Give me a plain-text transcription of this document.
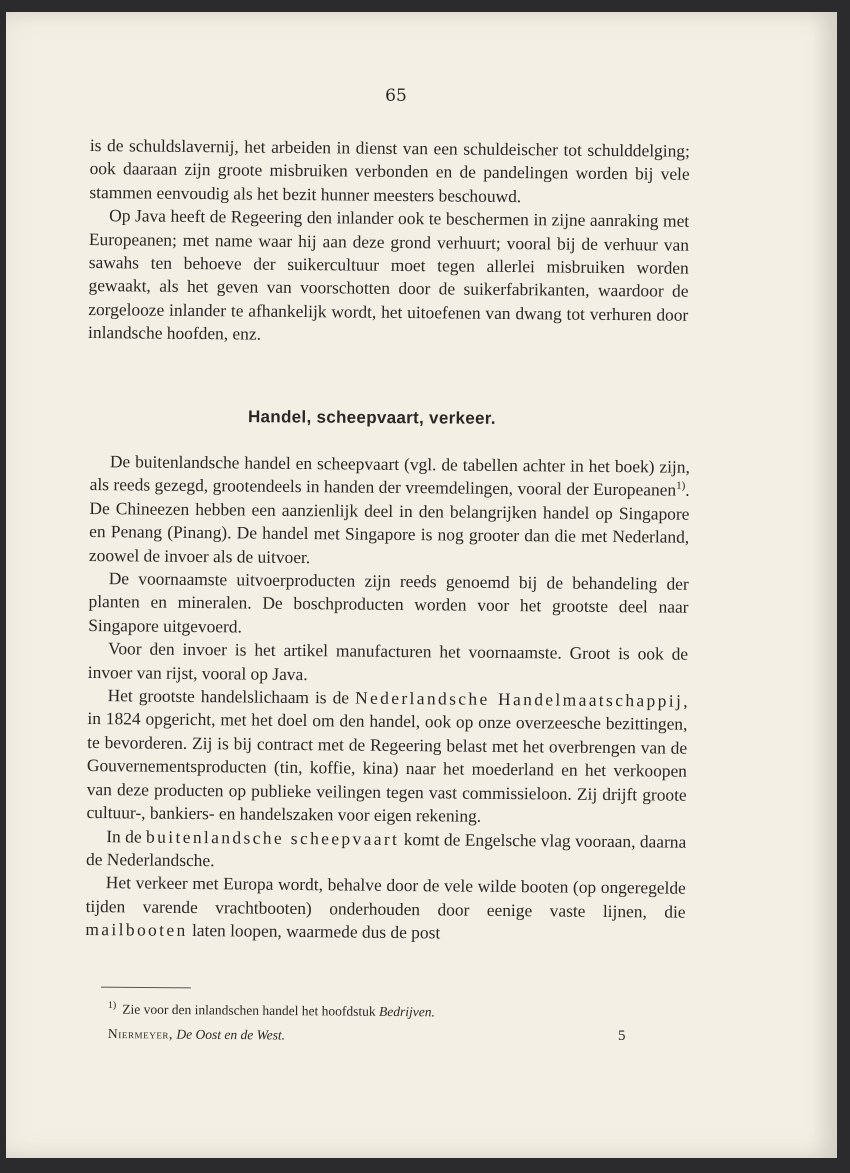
65

is de schuldslavernij, het arbeiden in dienst van een schuldeischer tot schulddelging; ook daaraan zijn groote misbruiken verbonden en de pandelingen worden bij vele stammen eenvoudig als het bezit hunner meesters beschouwd.

Op Java heeft de Regeering den inlander ook te beschermen in zijne aanraking met Europeanen; met name waar hij aan deze grond verhuurt; vooral bij de verhuur van sawahs ten behoeve der suikercultuur moet tegen allerlei misbruiken worden gewaakt, als het geven van voorschotten door de suikerfabrikanten, waardoor de zorgelooze inlander te afhankelijk wordt, het uitoefenen van dwang tot verhuren door inlandsche hoofden, enz.

Handel, scheepvaart, verkeer.

De buitenlandsche handel en scheepvaart (vgl. de tabellen achter in het boek) zijn, als reeds gezegd, grootendeels in handen der vreemdelingen, vooral der Europeanen$^{1)}$. De Chineezen hebben een aanzienlijk deel in den belangrijken handel op Singapore en Penang (Pinang). De handel met Singapore is nog grooter dan die met Nederland, zoowel de invoer als de uitvoer.

De voornaamste uitvoerproducten zijn reeds genoemd bij de behandeling der planten en mineralen. De boschproducten worden voor het grootste deel naar Singapore uitgevoerd.

Voor den invoer is het artikel manufacturen het voornaamste. Groot is ook de invoer van rijst, vooral op Java.

Het grootste handelslichaam is de Nederlandsche Handelmaatschappij, in 1824 opgericht, met het doel om den handel, ook op onze overzeesche bezittingen, te bevorderen. Zij is bij contract met de Regeering belast met het overbrengen van de Gouvernementsproducten (tin, koffie, kina) naar het moederland en het verkoopen van deze producten op publieke veilingen tegen vast commissieloon. Zij drijft groote cultuur-, bankiers- en handelszaken voor eigen rekening.

In de buitenlandsche scheepvaart komt de Engelsche vlag vooraan, daarna de Nederlandsche.

Het verkeer met Europa wordt, behalve door de vele wilde booten (op ongeregelde tijden varende vrachtbooten) onderhouden door eenige vaste lijnen, die mailbooten laten loopen, waarmede dus de post

$^{1)}$ Zie voor den inlandschen handel het hoofdstuk Bedrijven.
Niermeyer, De Oost en de West.	5
